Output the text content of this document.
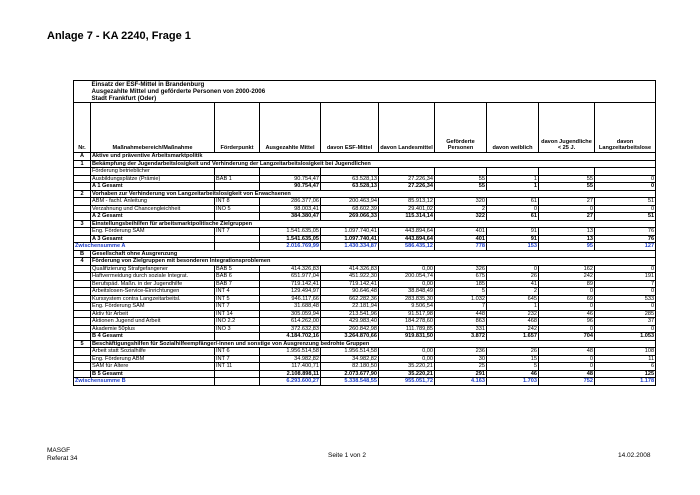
Anlage 7 - KA 2240, Frage 1
	Einsatz der ESF-Mittel in Brandenburg								
	Ausgezahlte Mittel und geförderte Personen von 2000-2006								
	Stadt Frankfurt (Oder)								
Nr.	Maßnahmebereich/Maßnahme	Förderpunkt	Ausgezahlte Mittel	davon ESF-Mittel	davon Landesmittel	Geförderte Personen	davon weiblich	davon Jugendliche < 25 J.	davon Langzeitarbeitslose
A	Aktive und präventive Arbeitsmarktpolitik								
1	Bekämpfung der Jugendarbeitslosigkeit und Verhinderung der Langzeitarbeitslosigkeit bei Jugendlichen								
	Förderung betrieblicher								
	Ausbildungsplätze (Prämie)	BAB 1	90.754,47	63.528,13	27.226,34	55	1	55	0
	A 1 Gesamt		90.754,47	63.528,13	27.226,34	55	1	55	0
2	Vorhaben zur Verhinderung von Langzeitarbeitslosigkeit von Erwachsenen								
	ABM - fachl. Anleitung	INT 8	286.377,06	200.463,94	85.913,12	320	61	27	51
	Verzahnung und Chancengleichheit	INO 5	98.003,41	68.602,39	29.401,02	2	0	0	0
	A 2 Gesamt		384.380,47	269.066,33	115.314,14	322	61	27	51
3	Einstellungsbeihilfen für arbeitsmarktpolitische Zielgruppen								
	Eng. Förderung SAM	INT 7	1.541.635,05	1.097.740,41	443.894,64	401	91	13	76
	A 3 Gesamt		1.541.635,05	1.097.740,41	443.894,64	401	91	13	76
Zwischensumme A			2.016.769,99	1.430.334,87	586.435,12	778	153	95	127
B	Gesellschaft ohne Ausgrenzung								
4	Förderung von Zielgruppen mit besonderen Integrationsproblemen								
	Qualifizierung Strafgefangener	BAB 5	414.326,83	414.326,83	0,00	326	0	162	0
	Haftvermeidung durch soziale Integrat.	BAB 6	651.977,04	451.922,30	200.054,74	675	26	242	191
	Berufspäd. Maßn. in der Jugendhilfe	BAB 7	719.142,41	719.142,41	0,00	185	41	89	7
	Arbeitslosen-Service-Einrichtungen	INT 4	129.494,97	90.646,48	38.848,49	5	2	0	0
	Kurssystem contra Langzeitarbeitsl.	INT 5	946.117,66	662.282,36	283.835,30	1.032	645	69	533
	Eng. Förderung SAM	INT 7	31.688,48	22.181,94	9.506,54	7	1	0	0
	Aktiv für Arbeit	INT 14	305.059,94	213.541,96	91.517,98	448	232	46	285
	Aktionen Jugend und Arbeit	INO 2.2	614.262,00	429.983,40	184.278,60	863	468	96	37
	Akademie 50plus	INO 3	372.632,83	260.842,98	111.789,85	331	242	0	0
	B 4 Gesamt		4.184.702,16	3.264.870,66	919.831,50	3.872	1.657	704	1.053
5	Beschäftigungshilfen für Sozialhilfeempfänger/-innen und sonstige von Ausgrenzung bedrohte Gruppen								
	Arbeit statt Sozialhilfe	INT 6	1.956.514,58	1.956.514,58	0,00	236	26	48	108
	Eng. Förderung ABM	INT 7	34.982,82	34.982,82	0,00	30	15	0	11
	SAM für Ältere	INT 11	117.400,71	82.180,50	35.220,21	25	5	0	6
	B 5 Gesamt		2.108.898,11	2.073.677,90	35.220,21	291	46	48	125
Zwischensumme B			6.293.600,27	5.338.548,55	955.051,72	4.163	1.703	752	1.178
MASGF
Referat 34	Seite 1 von 2	14.02.2008
